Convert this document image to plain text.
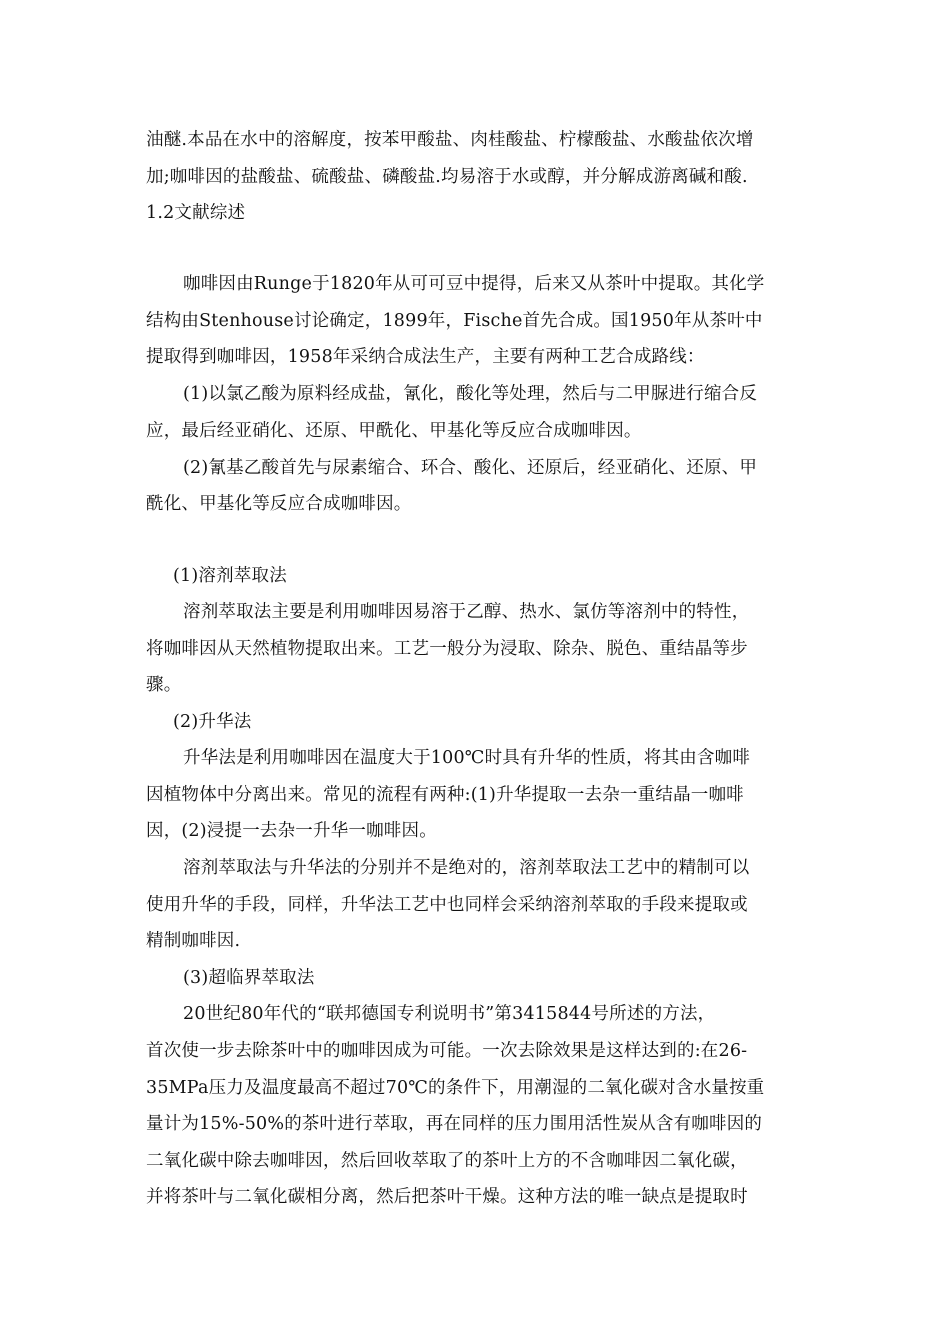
油醚.本品在水中的溶解度，按苯甲酸盐、肉桂酸盐、柠檬酸盐、水酸盐依次增
加;咖啡因的盐酸盐、硫酸盐、磷酸盐.均易溶于水或醇，并分解成游离碱和酸.
1.2文献综述
咖啡因由Runge于1820年从可可豆中提得，后来又从茶叶中提取。其化学
结构由Stenhouse讨论确定，1899年，Fische首先合成。国1950年从茶叶中
提取得到咖啡因，1958年采纳合成法生产，主要有两种工艺合成路线：
(1)以氯乙酸为原料经成盐，氰化，酸化等处理，然后与二甲脲进行缩合反
应，最后经亚硝化、还原、甲酰化、甲基化等反应合成咖啡因。
(2)氰基乙酸首先与尿素缩合、环合、酸化、还原后，经亚硝化、还原、甲
酰化、甲基化等反应合成咖啡因。
(1)溶剂萃取法
溶剂萃取法主要是利用咖啡因易溶于乙醇、热水、氯仿等溶剂中的特性，
将咖啡因从天然植物提取出来。工艺一般分为浸取、除杂、脱色、重结晶等步
骤。
(2)升华法
升华法是利用咖啡因在温度大于100℃时具有升华的性质，将其由含咖啡
因植物体中分离出来。常见的流程有两种:(1)升华提取一去杂一重结晶一咖啡
因，(2)浸提一去杂一升华一咖啡因。
溶剂萃取法与升华法的分别并不是绝对的，溶剂萃取法工艺中的精制可以
使用升华的手段，同样，升华法工艺中也同样会采纳溶剂萃取的手段来提取或
精制咖啡因.
(3)超临界萃取法
20世纪80年代的“联邦德国专利说明书”第3415844号所述的方法，
首次使一步去除茶叶中的咖啡因成为可能。一次去除效果是这样达到的:在26-
35MPa压力及温度最高不超过70℃的条件下，用潮湿的二氧化碳对含水量按重
量计为15%-50%的茶叶进行萃取，再在同样的压力围用活性炭从含有咖啡因的
二氧化碳中除去咖啡因，然后回收萃取了的茶叶上方的不含咖啡因二氧化碳，
并将茶叶与二氧化碳相分离，然后把茶叶干燥。这种方法的唯一缺点是提取时
